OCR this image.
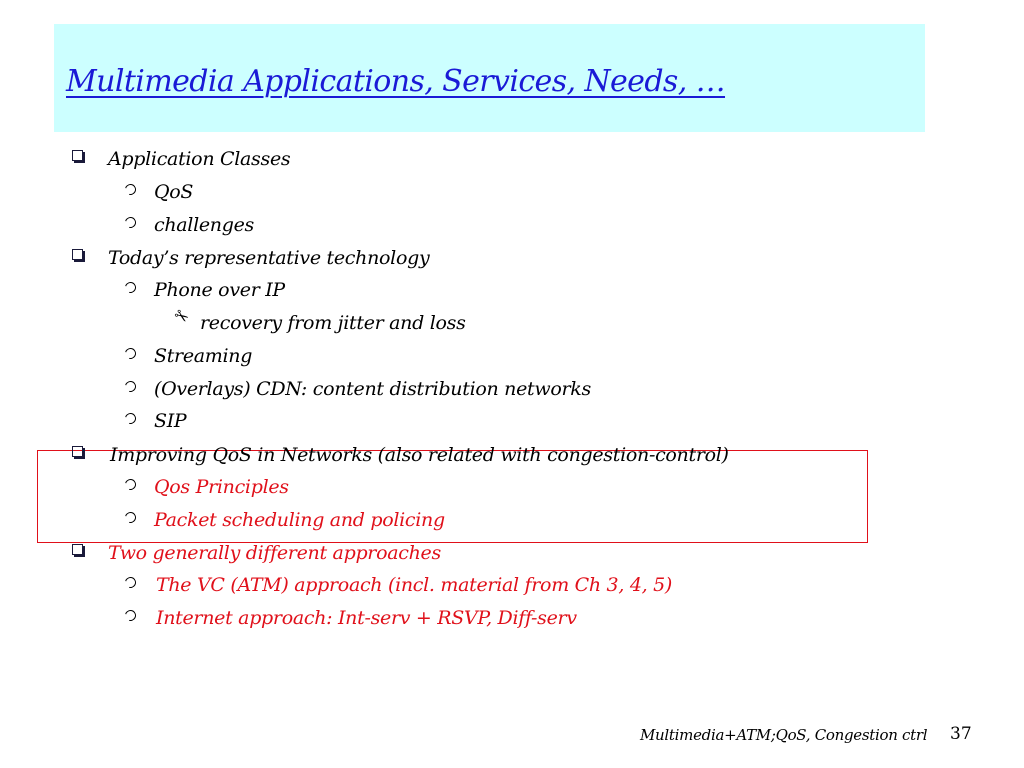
Multimedia Applications, Services, Needs, …
Application Classes
QoS
challenges
Today’s representative technology
Phone over IP
✂ recovery from jitter and loss
Streaming
(Overlays) CDN: content distribution networks
SIP
Improving QoS in Networks (also related with congestion-control)
Qos Principles
Packet scheduling and policing
Two generally different approaches
The VC (ATM) approach (incl. material from Ch 3, 4, 5)
Internet approach: Int-serv + RSVP, Diff-serv
Multimedia+ATM;QoS, Congestion ctrl 37
